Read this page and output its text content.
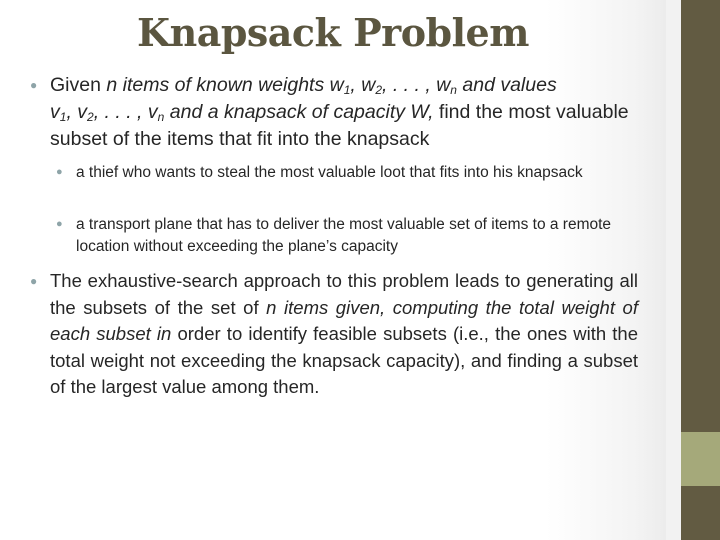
Knapsack Problem
● Given n items of known weights $w_1$, $w_2$, . . . , $w_n$ and values
$v_1$, $v_2$, . . . , $v_n$ and a knapsack of capacity W, find the most valuable subset of the items that fit into the knapsack
● a thief who wants to steal the most valuable loot that fits into his knapsack
● a transport plane that has to deliver the most valuable set of items to a remote location without exceeding the plane’s capacity
● The exhaustive-search approach to this problem leads to generating all the subsets of the set of n items given, computing the total weight of each subset in order to identify feasible subsets (i.e., the ones with the total weight not exceeding the knapsack capacity), and finding a subset of the largest value among them.
